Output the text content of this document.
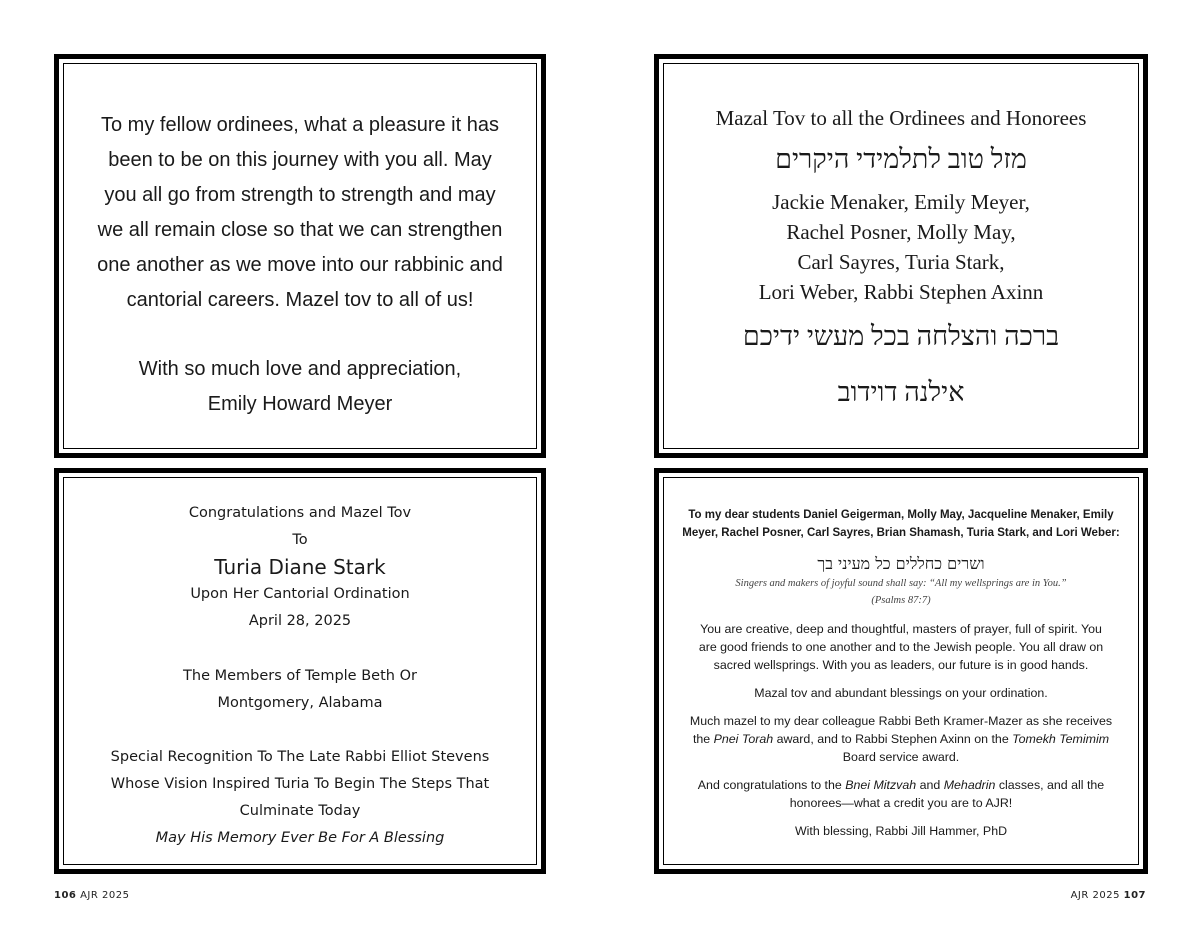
To my fellow ordinees, what a pleasure it has
been to be on this journey with you all. May
you all go from strength to strength and may
we all remain close so that we can strengthen
one another as we move into our rabbinic and
cantorial careers. Mazel tov to all of us!
With so much love and appreciation,
Emily Howard Meyer
Mazal Tov to all the Ordinees and Honorees
מזל טוב לתלמידי היקרים
Jackie Menaker, Emily Meyer,
Rachel Posner, Molly May,
Carl Sayres, Turia Stark,
Lori Weber, Rabbi Stephen Axinn
ברכה והצלחה בכל מעשי ידיכם
אילנה דוידוב
Congratulations and Mazel Tov
To
Turia Diane Stark
Upon Her Cantorial Ordination
April 28, 2025
The Members of Temple Beth Or
Montgomery, Alabama
Special Recognition To The Late Rabbi Elliot Stevens
Whose Vision Inspired Turia To Begin The Steps That
Culminate Today
May His Memory Ever Be For A Blessing
To my dear students Daniel Geigerman, Molly May, Jacqueline Menaker, Emily
Meyer, Rachel Posner, Carl Sayres, Brian Shamash, Turia Stark, and Lori Weber:
ושרים כחללים כל מעיני בך
Singers and makers of joyful sound shall say: “All my wellsprings are in You.”
(Psalms 87:7)
You are creative, deep and thoughtful, masters of prayer, full of spirit. You
are good friends to one another and to the Jewish people. You all draw on
sacred wellsprings. With you as leaders, our future is in good hands.
Mazal tov and abundant blessings on your ordination.
Much mazel to my dear colleague Rabbi Beth Kramer-Mazer as she receives
the Pnei Torah award, and to Rabbi Stephen Axinn on the Tomekh Temimim
Board service award.
And congratulations to the Bnei Mitzvah and Mehadrin classes, and all the
honorees—what a credit you are to AJR!
With blessing, Rabbi Jill Hammer, PhD
106 AJR 2025	AJR 2025 107
